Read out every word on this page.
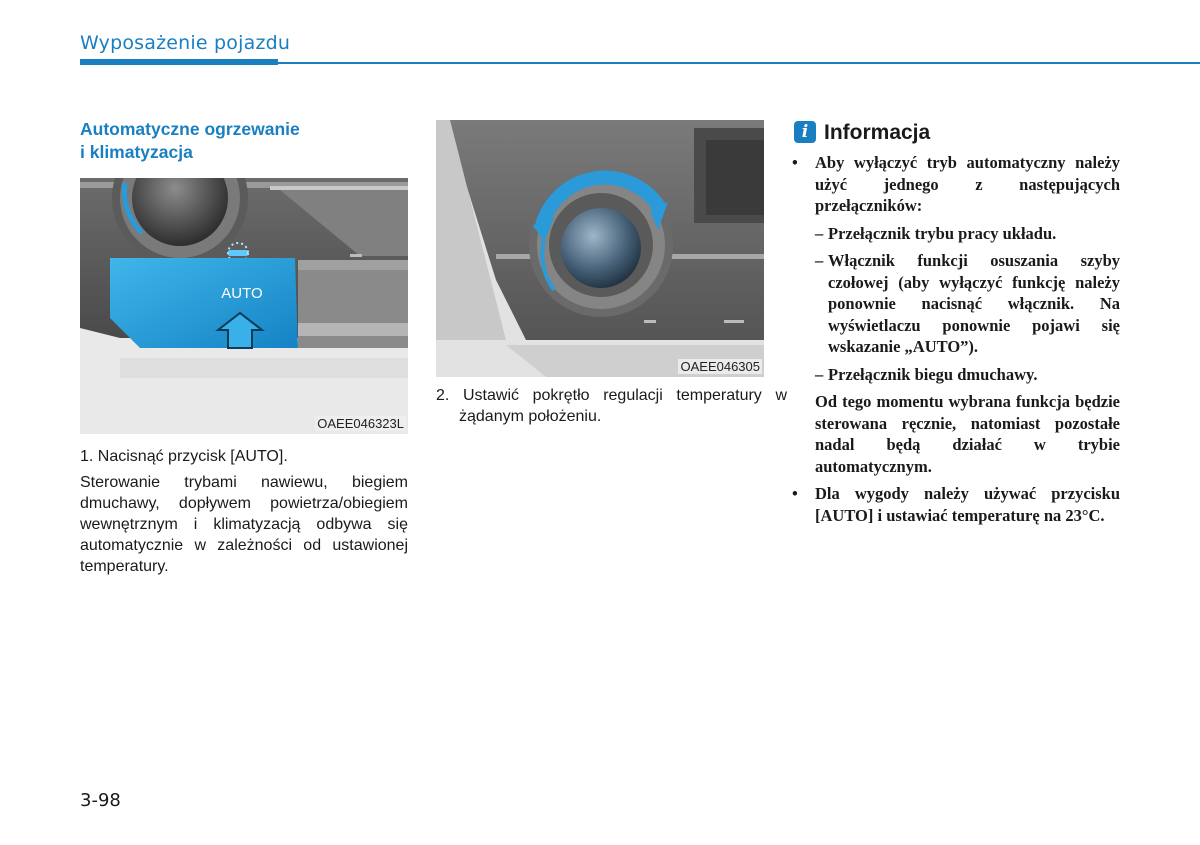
Wyposażenie pojazdu
Automatyczne ogrzewanie
i klimatyzacja
AUTO
OAEE046323L
OAEE046305
1. Nacisnąć przycisk [AUTO].
Sterowanie trybami nawiewu, biegiem dmuchawy, dopływem powietrza/obiegiem wewnętrznym i klimatyzacją odbywa się automatycznie w zależności od ustawionej temperatury.
2. Ustawić pokrętło regulacji temperatury w żądanym położeniu.
i Informacja
• Aby wyłączyć tryb automatyczny należy użyć jednego z następujących przełączników:
– Przełącznik trybu pracy układu.
– Włącznik funkcji osuszania szyby czołowej (aby wyłączyć funkcję należy ponownie nacisnąć włącznik. Na wyświetlaczu ponownie pojawi się wskazanie „AUTO”).
– Przełącznik biegu dmuchawy.
Od tego momentu wybrana funkcja będzie sterowana ręcznie, natomiast pozostałe nadal będą działać w trybie automatycznym.
• Dla wygody należy używać przycisku [AUTO] i ustawiać temperaturę na 23°C.
3-98
